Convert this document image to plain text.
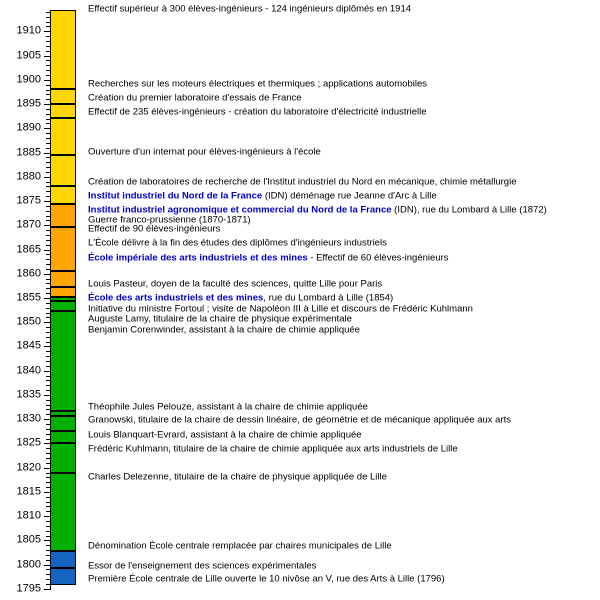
1910
1905
1900
1895
1890
1885
1880
1875
1870
1865
1860
1855
1850
1845
1840
1835
1830
1825
1820
1815
1810
1805
1800
1795
Effectif supérieur à 300 élèves-ingénieurs - 124 ingénieurs diplômés en 1914
Recherches sur les moteurs électriques et thermiques ; applications automobiles
Création du premier laboratoire d'essais de France
Effectif de 235 élèves-ingénieurs - création du laboratoire d'électricité industrielle
Ouverture d'un internat pour élèves-ingénieurs à l'école
Création de laboratoires de recherche de l'Institut industriel du Nord en mécanique, chimie métallurgie
Institut industriel du Nord de la France (IDN) déménage rue Jeanne d'Arc à Lille
Institut industriel agronomique et commercial du Nord de la France (IDN), rue du Lombard à Lille (1872)
Guerre franco-prussienne (1870-1871)
Effectif de 90 élèves-ingénieurs
L'École délivre à la fin des études des diplômes d'ingénieurs industriels
École impériale des arts industriels et des mines - Effectif de 60 élèves-ingénieurs
Louis Pasteur, doyen de la faculté des sciences, quitte Lille pour Paris
École des arts industriels et des mines, rue du Lombard à Lille (1854)
Initiative du ministre Fortoul ; visite de Napoléon III à Lille et discours de Frédéric Kuhlmann
Auguste Lamy, titulaire de la chaire de physique expérimentale
Benjamin Corenwinder, assistant à la chaire de chimie appliquée
Théophile Jules Pelouze, assistant à la chaire de chimie appliquée
Granowski, titulaire de la chaire de dessin linéaire, de géométrie et de mécanique appliquée aux arts
Louis Blanquart-Evrard, assistant à la chaire de chimie appliquée
Frédéric Kuhlmann, titulaire de la chaire de chimie appliquée aux arts industriels de Lille
Charles Delezenne, titulaire de la chaire de physique appliquée de Lille
Dénomination École centrale remplacée par chaires municipales de Lille
Essor de l'enseignement des sciences expérimentales
Première École centrale de Lille ouverte le 10 nivôse an V, rue des Arts à Lille (1796)
